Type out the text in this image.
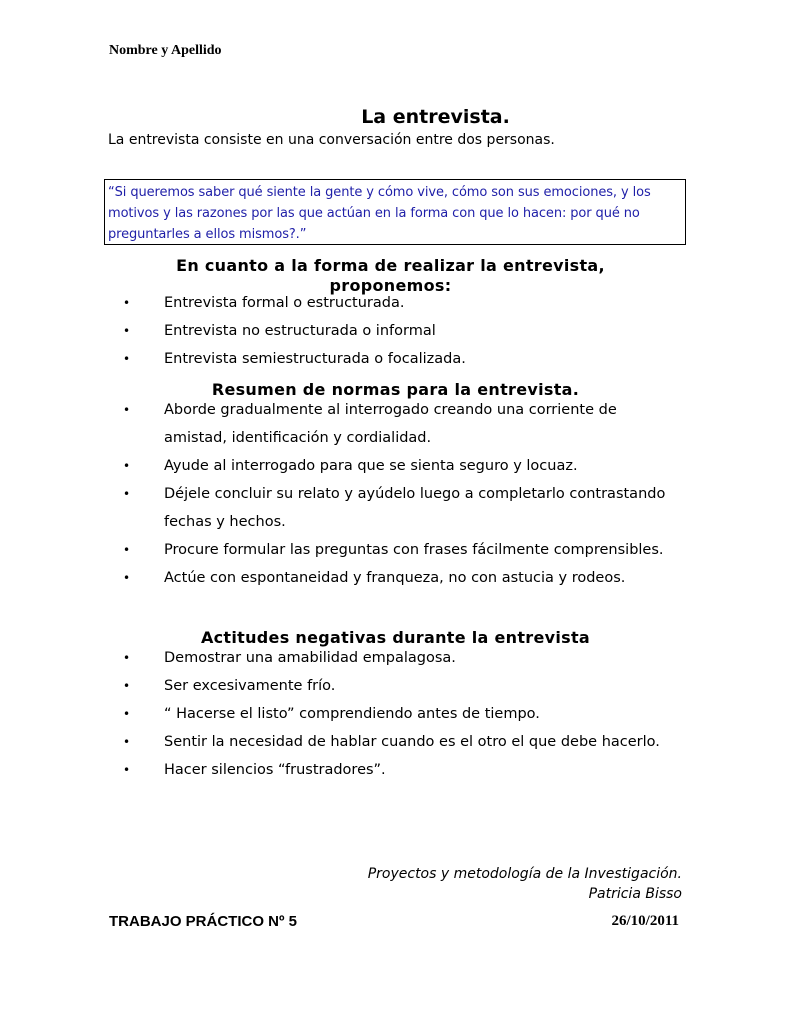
Nombre y Apellido
La entrevista.
La entrevista consiste en una conversación entre dos personas.
“Si queremos saber qué siente la gente y cómo vive, cómo son sus emociones, y los motivos y las razones por las que actúan en la forma con que lo hacen: por qué no preguntarles a ellos mismos?.”
En cuanto a la forma de realizar la entrevista, proponemos:
• Entrevista formal o estructurada.
• Entrevista no estructurada o informal
• Entrevista semiestructurada o focalizada.
Resumen de normas para la entrevista.
• Aborde gradualmente al interrogado creando una corriente de amistad, identificación y cordialidad.
• Ayude al interrogado para que se sienta seguro y locuaz.
• Déjele concluir su relato y ayúdelo luego a completarlo contrastando fechas y hechos.
• Procure formular las preguntas con frases fácilmente comprensibles.
• Actúe con espontaneidad y franqueza, no con astucia y rodeos.
Actitudes negativas durante la entrevista
• Demostrar una amabilidad empalagosa.
• Ser excesivamente frío.
• “ Hacerse el listo” comprendiendo antes de tiempo.
• Sentir la necesidad de hablar cuando es el otro el que debe hacerlo.
• Hacer silencios “frustradores”.
Proyectos y metodología de la Investigación.
Patricia Bisso
TRABAJO PRÁCTICO Nº 5	26/10/2011
